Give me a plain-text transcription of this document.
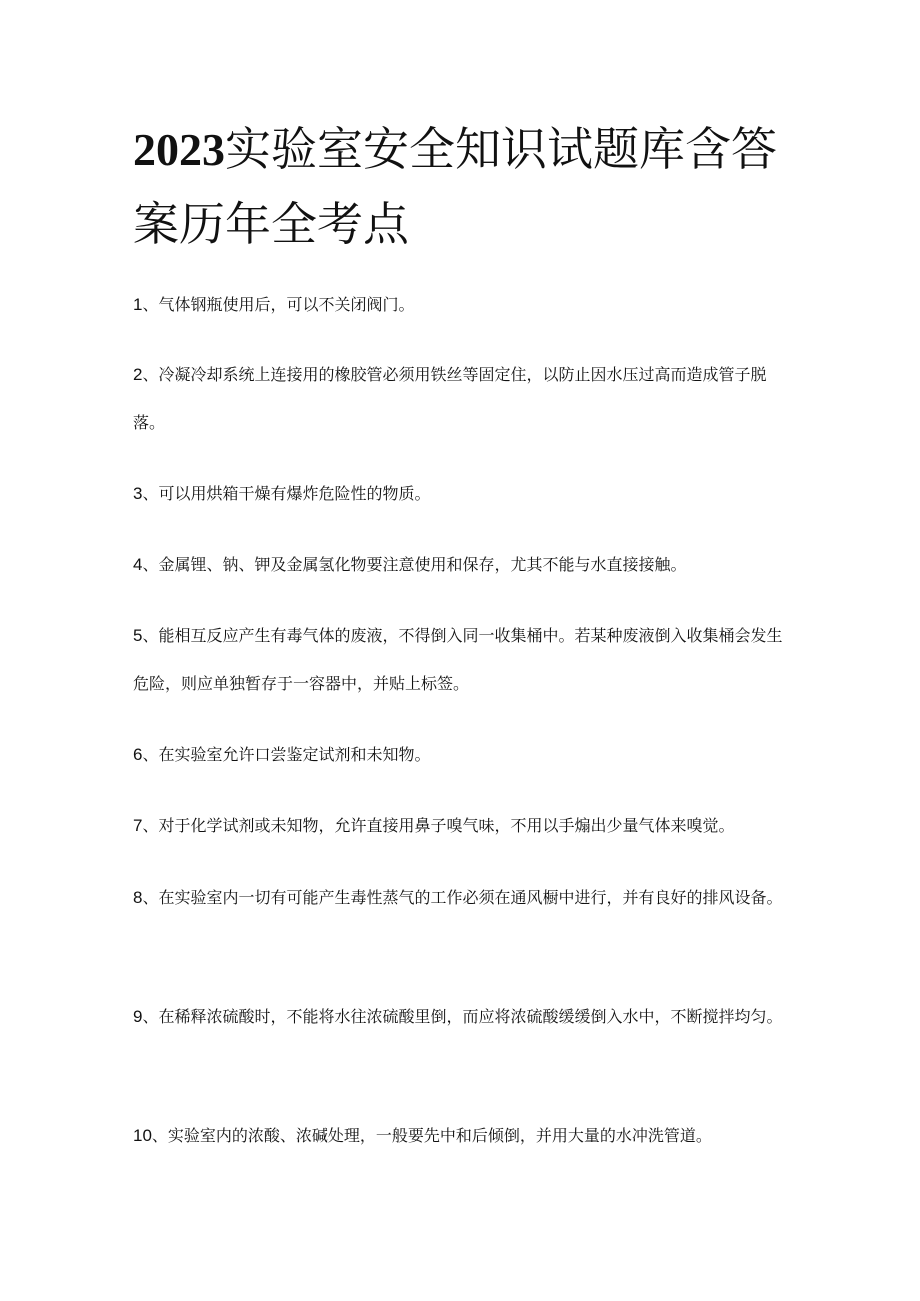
2023实验室安全知识试题库含答案历年全考点
1、气体钢瓶使用后，可以不关闭阀门。
2、冷凝冷却系统上连接用的橡胶管必须用铁丝等固定住，以防止因水压过高而造成管子脱落。
3、可以用烘箱干燥有爆炸危险性的物质。
4、金属锂、钠、钾及金属氢化物要注意使用和保存，尤其不能与水直接接触。
5、能相互反应产生有毒气体的废液，不得倒入同一收集桶中。若某种废液倒入收集桶会发生危险，则应单独暂存于一容器中，并贴上标签。
6、在实验室允许口尝鉴定试剂和未知物。
7、对于化学试剂或未知物，允许直接用鼻子嗅气味，不用以手煽出少量气体来嗅觉。
8、在实验室内一切有可能产生毒性蒸气的工作必须在通风橱中进行，并有良好的排风设备。
9、在稀释浓硫酸时，不能将水往浓硫酸里倒，而应将浓硫酸缓缓倒入水中，不断搅拌均匀。
10、实验室内的浓酸、浓碱处理，一般要先中和后倾倒，并用大量的水冲洗管道。
